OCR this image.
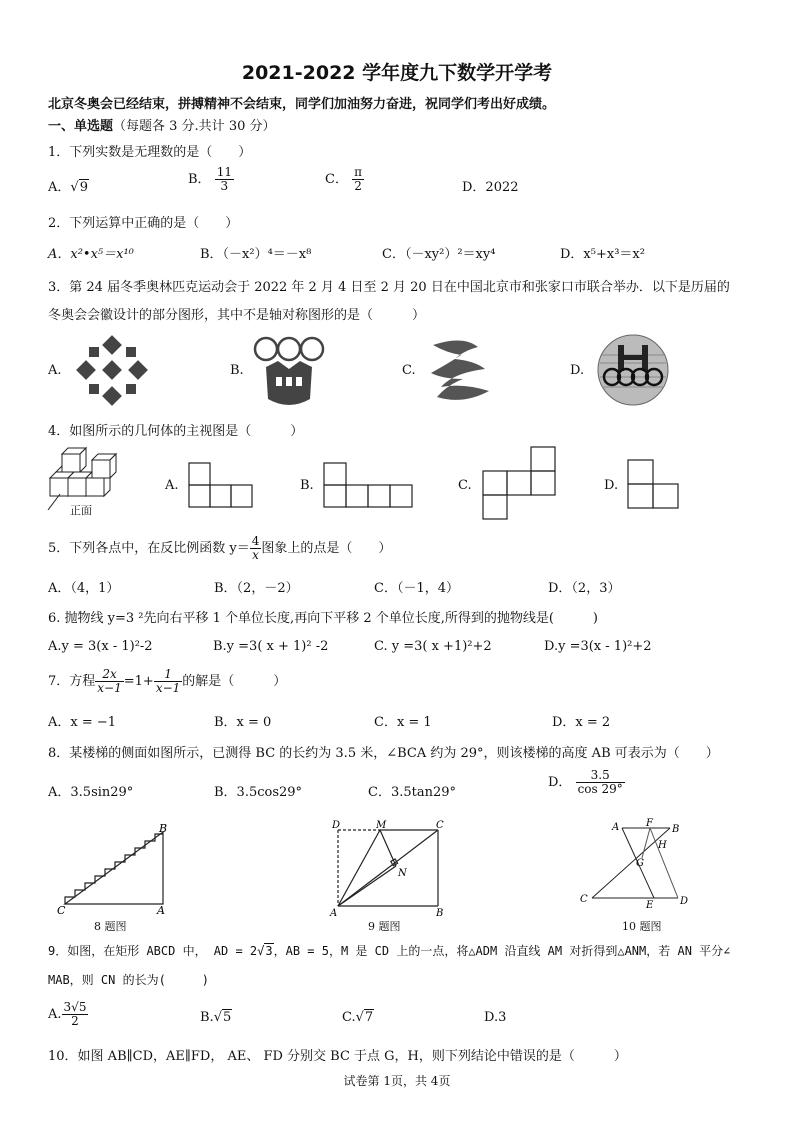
2021-2022 学年度九下数学开学考
北京冬奥会已经结束，拼搏精神不会结束，同学们加油努力奋进，祝同学们考出好成绩。
一、单选题（每题各 3 分.共计 30 分）
1．下列实数是无理数的是（　　）
A．√9
B． $\frac{11}{3}$	C． $\frac{\pi}{2}$	D．2022
2．下列运算中正确的是（　　）
A．x²•x⁵＝x¹⁰	B．（－x²）⁴＝－x⁸	C．（－xy²）²＝xy⁴	D．x⁵+x³＝x²
3．第 24 届冬季奥林匹克运动会于 2022 年 2 月 4 日至 2 月 20 日在中国北京市和张家口市联合举办．以下是历届的
冬奥会会徽设计的部分图形，其中不是轴对称图形的是（　　　）
A.	B.	C.	D.
4．如图所示的几何体的主视图是（　　　）
正面
A.	B.	C.	D.
5．下列各点中，在反比例函数 $y= \frac{4}{x}$ 图象上的点是（　　）
A．（4，1）	B．（2，－2）	C．（－1，4）	D．（2，3）
6. 抛物线 y=3 ²先向右平移 1 个单位长度,再向下平移 2 个单位长度,所得到的抛物线是(　　　)
A.y = 3(x - 1)²-2	B.y =3( x + 1)² -2	C. y =3( x +1)²+2	D.y =3(x - 1)²+2
7．方程 $\frac{2x}{x-1} =1+ \frac{1}{x-1}$ 的解是（　　　）
A．x = −1	B．x = 0	C．x = 1	D．x = 2
8．某楼梯的侧面如图所示，已测得 BC 的长约为 3.5 米，∠BCA 约为 29°，则该楼梯的高度 AB 可表示为（　　）
A．3.5sin29°	B．3.5cos29°	C．3.5tan29°
D． $\frac{3.5}{\cos 29^\circ}$
B
C	A
8 题图
D	M	C
N
A	B
9 题图
A	F
B
H
G
C
E	D
10 题图
9．如图，在矩形 ABCD 中， AD = 2√3，AB = 5，M 是 CD 上的一点，将△ADM 沿直线 AM 对折得到△ANM，若 AN 平分∠
MAB，则 CN 的长为(　　　)
A. $\frac{3√5}{2}$	B.√5	C.√7	D.3
10．如图 AB∥CD，AE∥FD， AE、 FD 分别交 BC 于点 G，H，则下列结论中错误的是（　　　）
试卷第 1页，共 4页
